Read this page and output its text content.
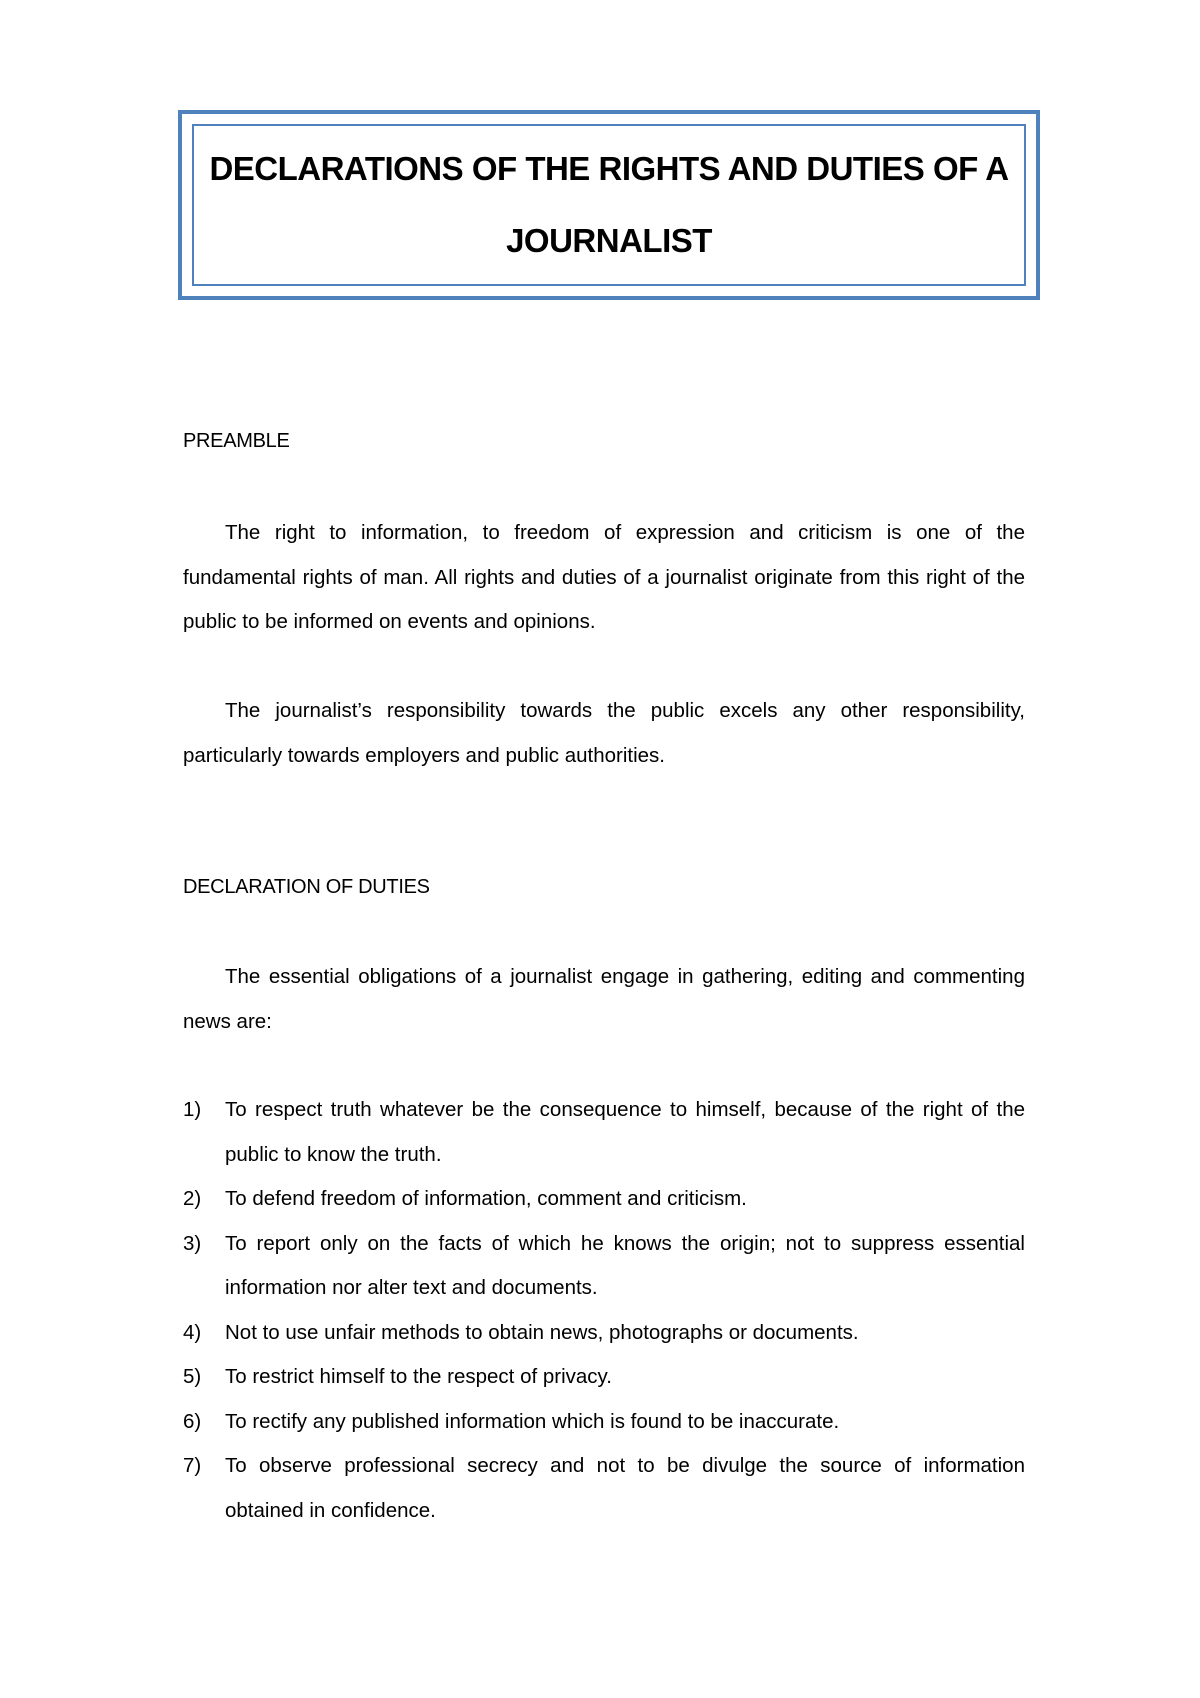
DECLARATIONS OF THE RIGHTS AND DUTIES OF A
JOURNALIST
PREAMBLE

The right to information, to freedom of expression and criticism is one of the fundamental rights of man. All rights and duties of a journalist originate from this right of the public to be informed on events and opinions.

The journalist’s responsibility towards the public excels any other responsibility, particularly towards employers and public authorities.

DECLARATION OF DUTIES

The essential obligations of a journalist engage in gathering, editing and commenting news are:

1) To respect truth whatever be the consequence to himself, because of the right of the public to know the truth.
2) To defend freedom of information, comment and criticism.
3) To report only on the facts of which he knows the origin; not to suppress essential information nor alter text and documents.
4) Not to use unfair methods to obtain news, photographs or documents.
5) To restrict himself to the respect of privacy.
6) To rectify any published information which is found to be inaccurate.
7) To observe professional secrecy and not to be divulge the source of information obtained in confidence.
